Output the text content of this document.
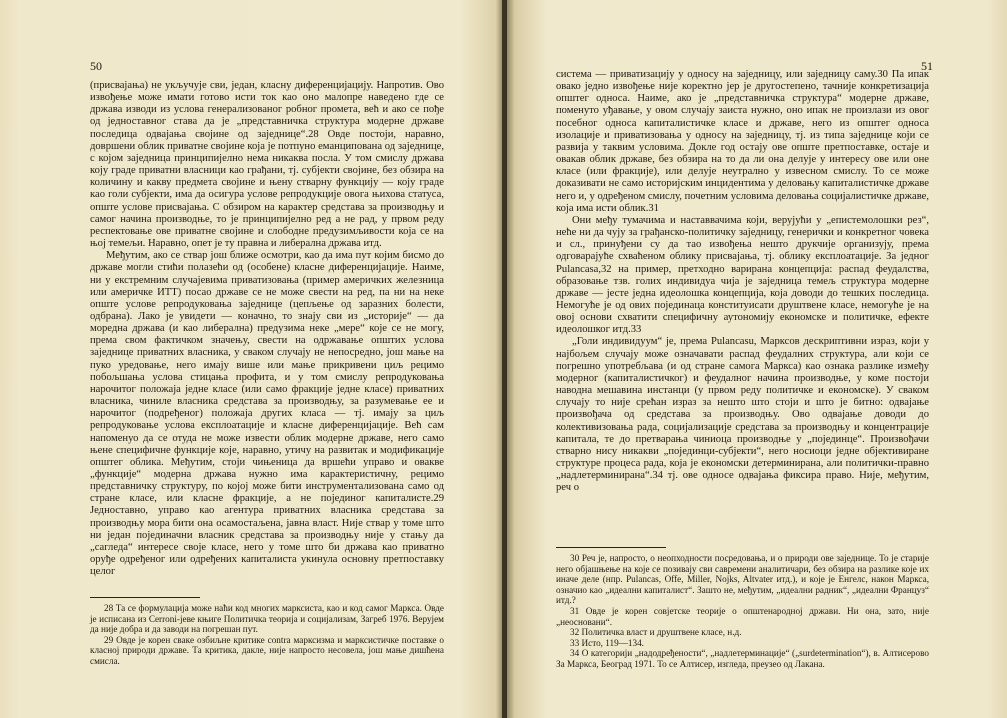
50

(присвајања) не укључује сви, један, класну диференцијацију. Напротив. Ово извођење може имати готово исти ток као оно малопре наведено где се држава изводи из услова генерализованог робног промета, већ и ако се пође од једноставног става да је „представничка структура модерне државе последица одвајања својине од заједнице“.28 Овде постоји, наравно, довршени облик приватне својине која је потпуно еманципована од заједнице, с којом заједница принципијелно нема никаква посла. У том смислу држава коју граде приватни власници као грађани, тј. субјекти својине, без обзира на количину и какву предмета својине и њену стварну функцију — коју граде као голи субјекти, има да осигура услове репродукције овога њихова статуса, опште услове присвајања. С обзиром на карактер средстава за производњу и самог начина производње, то је принципијелно ред а не рад, у првом реду респектовање ове приватне својине и слободне предузимљивости која се на њој темељи. Наравно, опет је ту правна и либерална држава итд.

Међутим, ако се ствар још ближе осмотри, као да има пут којим бисмо до државе могли стићи полазећи од (особене) класне диференцијације. Наиме, ни у екстремним случајевима приватизовања (пример америчких железница или америчке ИТТ) посао државе се не може свести на ред, па ни на неке опште услове репродуковања заједнице (цепљење од заразних болести, одбрана). Лако је увидети — коначно, то знају сви из „историје“ — да моредна држава (и као либерална) предузима неке „мере“ које се не могу, према свом фактичком значењу, свести на одржавање општих услова заједнице приватних власника, у сваком случају не непосредно, још мање на пуко уредовање, него имају више или мање прикривени циљ рецимо побољшања услова стицања профита, и у том смислу репродуковања нарочитог положаја једне класе (или само фракције једне класе) приватних власника, чиниле власника средстава за производњу, за разумевање ее и нарочитог (подређеног) положаја других класа — тј. имају за циљ репродуковање услова експлоатације и класне диференцијације. Већ сам напоменуо да се отуда не може извести облик модерне државе, него само њене специфичне функције које, наравно, утичу на развитак и модификације општег облика. Међутим, стоји чињеница да вршећи управо и овакве „функције“ модерна држава нужно има карактеристичну, рецимо представничку структуру, по којој може бити инструментализована само од стране класе, или класне фракције, а не појединог капиталисте.29 Једноставно, управо као агентура приватних власника средстава за производњу мора бити она осамостаљена, јавна власт. Није ствар у томе што ни један појединачни власник средстава за производњу није у стању да „сагледа“ интересе своје класе, него у томе што би држава као приватно оруђе одређеног или одређених капиталиста укинула основну претпоставку целог

28 Та се формулација може наћи код многих марксиста, као и код самог Маркса. Овде је исписана из Cerroni-јеве књиге Политичка теорија и социјализам, Загреб 1976. Верујем да није добра и да заводи на погрешан пут.

29 Овде је корен свакe озбиљне критике contra марксизма и марксистичке поставке о класној природи државе. Та критика, дакле, није напросто несовела, још мање дишћена смисла.

51

система — приватизацију у односу на заједницу, или заједницу саму.30 Па ипак овако једно извођење није коректно јер је другостепено, тачније конкретизација општег односа. Наиме, ако је „представничка структура“ модерне државе, поменуто уђавање, у овом случају заиста нужно, оно ипак не произлази из овог посебног односа капиталистичке класе и државе, него из општег односа изолације и приватизовања у односу на заједницу, тј. из типа заједнице који се развија у таквим условима. Докле год остају ове опште претпоставке, остаје и овакав облик државе, без обзира на то да ли она делује у интересу ове или оне класе (или фракције), или делује неутрално у извесном смислу. То се може доказивати не само историјским инцидентима у деловању капиталистичке државе него и, у одређеном смислу, почетним условима деловања социјалистичке државе, која има исти облик.31

Они међу тумачима и наставвачима који, верујући у „епистемолошки рез“, неће ни да чују за грађанско-политичку заједницу, генерички и конкретног човека и сл., принуђени су да тао извођења нешто друкчије организују, према одговарајуће схваћеном облику присвајања, тј. облику експлоатације. За једног Pulancasa,32 на пример, претходно варирана концепција: распад феудалства, образовање тзв. голих индивидуа чија је заједница темељ структура модерне државе — јесте једна идеолошка концепција, која доводи до тешких последица. Немогуће је од ових појединаца конституисати друштвене класе, немогуће је на овој основи схватити специфичну аутономију економске и политичке, ефекте идеолошког итд.33

„Голи индивидуум“ је, према Pulancasu, Марксов дескриптивни израз, који у најбољем случају може означавати распад феудалних структура, али који се погрешно употребљава (и од стране самога Маркса) као ознака разлике између модерног (капиталистичког) и феудалног начина производње, у коме постоји наводна мешавина инстанци (у првом реду политичке и економске). У сваком случају то није срећан израз за нешто што стоји и што је битно: одвајање произвођача од средстава за производњу. Ово одвајање доводи до колективизовања рада, социјализације средстава за производњу и концентрације капитала, те до претварања чиниоца производње у „појединце“. Произвођачи стварно нису никакви „појединци-субјекти“, него носиоци једне објективиране структуре процеса рада, која је економски детерминирана, али политички-правно „надлетерминирана“.34 тј. ове односе одвајања фиксира право. Није, међутим, реч о

30 Реч је, напросто, о неопходности посредовања, и о природи ове заједнице. То је старије него објашњење на које се позивају сви савремени аналитичари, без обзира на разлике које их иначе деле (нпр. Pulancas, Offe, Miller, Nojks, Altvater итд.), и које је Енгелс, након Маркса, означио као „идеални капиталист“. Зашто не, међутим, „идеални радник“, „идеални Француз“ итд.?

31 Овде је корен совјетске теорије о општенародној држави. Ни она, зато, није „неосновани“.

32 Политичка власт и друштвене класе, н.д.

33 Исто, 119—134.

34 О категорији „надодређености“, „надлетерминације“ („surdetermination“), в. Алтисерово За Маркса, Београд 1971. То се Алтисер, изгледа, преузео од Лакана.
